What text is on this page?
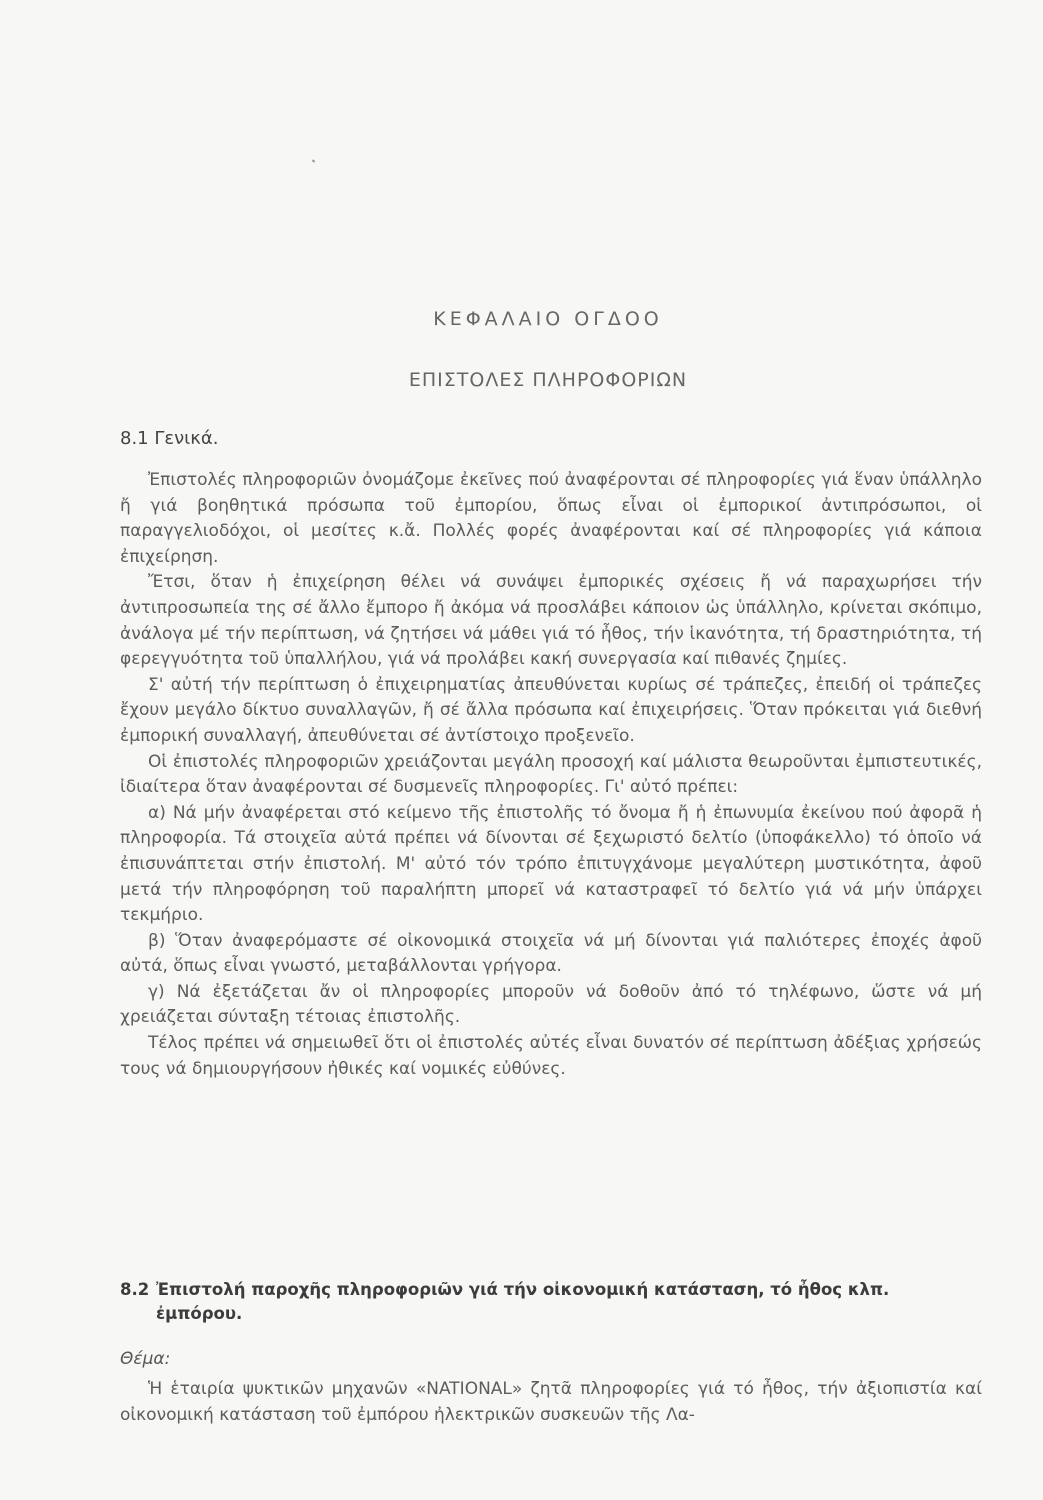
ΚΕΦΑΛΑΙΟ ΟΓΔΟΟ
ΕΠΙΣΤΟΛΕΣ ΠΛΗΡΟΦΟΡΙΩΝ
8.1 Γενικά.

Ἐπιστολές πληροφοριῶν ὀνομάζομε ἐκεῖνες πού ἀναφέρονται σέ πληροφορίες γιά ἕναν ὑπάλληλο ἤ γιά βοηθητικά πρόσωπα τοῦ ἐμπορίου, ὅπως εἶναι οἱ ἐμπορικοί ἀντιπρόσωποι, οἱ παραγγελιοδόχοι, οἱ μεσίτες κ.ἄ. Πολλές φορές ἀναφέρονται καί σέ πληροφορίες γιά κάποια ἐπιχείρηση.

Ἔτσι, ὅταν ἡ ἐπιχείρηση θέλει νά συνάψει ἐμπορικές σχέσεις ἤ νά παραχωρήσει τήν ἀντιπροσωπεία της σέ ἄλλο ἔμπορο ἤ ἀκόμα νά προσλάβει κάποιον ὡς ὑπάλληλο, κρίνεται σκόπιμο, ἀνάλογα μέ τήν περίπτωση, νά ζητήσει νά μάθει γιά τό ἦθος, τήν ἱκανότητα, τή δραστηριότητα, τή φερεγγυότητα τοῦ ὑπαλλήλου, γιά νά προλάβει κακή συνεργασία καί πιθανές ζημίες.

Σ' αὐτή τήν περίπτωση ὁ ἐπιχειρηματίας ἀπευθύνεται κυρίως σέ τράπεζες, ἐπειδή οἱ τράπεζες ἔχουν μεγάλο δίκτυο συναλλαγῶν, ἤ σέ ἄλλα πρόσωπα καί ἐπιχειρήσεις. Ὅταν πρόκειται γιά διεθνή ἐμπορική συναλλαγή, ἀπευθύνεται σέ ἀντίστοιχο προξενεῖο.

Οἱ ἐπιστολές πληροφοριῶν χρειάζονται μεγάλη προσοχή καί μάλιστα θεωροῦνται ἐμπιστευτικές, ἰδιαίτερα ὅταν ἀναφέρονται σέ δυσμενεῖς πληροφορίες. Γι' αὐτό πρέπει:

α) Νά μήν ἀναφέρεται στό κείμενο τῆς ἐπιστολῆς τό ὄνομα ἤ ἡ ἐπωνυμία ἐκείνου πού ἀφορᾶ ἡ πληροφορία. Τά στοιχεῖα αὐτά πρέπει νά δίνονται σέ ξεχωριστό δελτίο (ὑποφάκελλο) τό ὁποῖο νά ἐπισυνάπτεται στήν ἐπιστολή. Μ' αὐτό τόν τρόπο ἐπιτυγχάνομε μεγαλύτερη μυστικότητα, ἀφοῦ μετά τήν πληροφόρηση τοῦ παραλήπτη μπορεῖ νά καταστραφεῖ τό δελτίο γιά νά μήν ὑπάρχει τεκμήριο.

β) Ὅταν ἀναφερόμαστε σέ οἰκονομικά στοιχεῖα νά μή δίνονται γιά παλιότερες ἐποχές ἀφοῦ αὐτά, ὅπως εἶναι γνωστό, μεταβάλλονται γρήγορα.

γ) Νά ἐξετάζεται ἄν οἱ πληροφορίες μποροῦν νά δοθοῦν ἀπό τό τηλέφωνο, ὥστε νά μή χρειάζεται σύνταξη τέτοιας ἐπιστολῆς.

Τέλος πρέπει νά σημειωθεῖ ὅτι οἱ ἐπιστολές αὐτές εἶναι δυνατόν σέ περίπτωση ἀδέξιας χρήσεώς τους νά δημιουργήσουν ἠθικές καί νομικές εὐθύνες.

8.2 Ἐπιστολή παροχῆς πληροφοριῶν γιά τήν οἰκονομική κατάσταση, τό ἦθος κλπ.
ἐμπόρου.
Θέμα:

Ἡ ἑταιρία ψυκτικῶν μηχανῶν «NATIONAL» ζητᾶ πληροφορίες γιά τό ἦθος, τήν ἀξιοπιστία καί οἰκονομική κατάσταση τοῦ ἐμπόρου ἠλεκτρικῶν συσκευῶν τῆς Λα-
